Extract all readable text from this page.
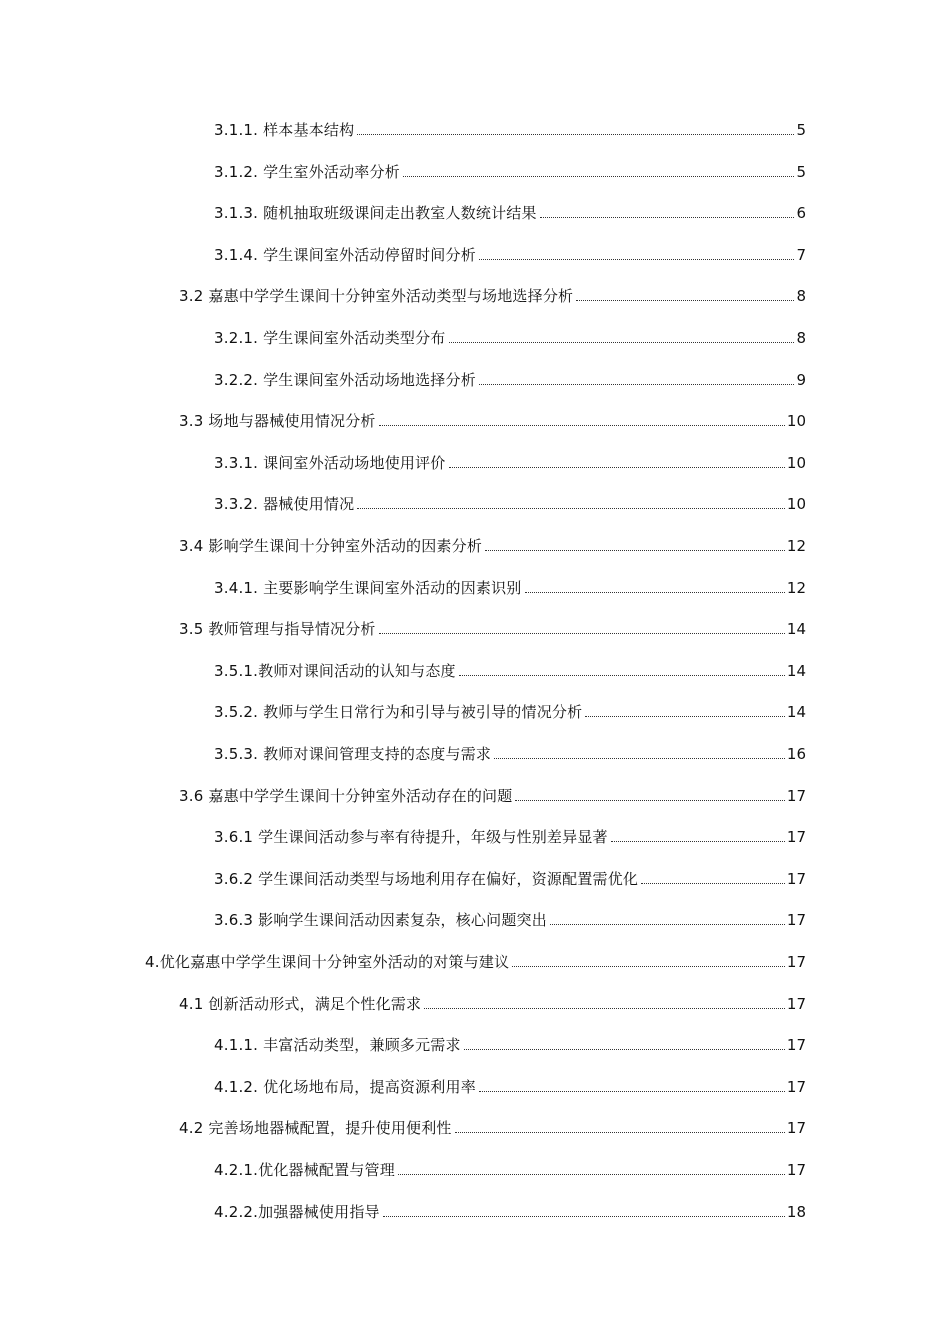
3.1.1. 样本基本结构	5
3.1.2. 学生室外活动率分析	5
3.1.3. 随机抽取班级课间走出教室人数统计结果	6
3.1.4. 学生课间室外活动停留时间分析	7
3.2 嘉惠中学学生课间十分钟室外活动类型与场地选择分析	8
3.2.1. 学生课间室外活动类型分布	8
3.2.2. 学生课间室外活动场地选择分析	9
3.3 场地与器械使用情况分析	10
3.3.1. 课间室外活动场地使用评价	10
3.3.2. 器械使用情况	10
3.4 影响学生课间十分钟室外活动的因素分析	12
3.4.1. 主要影响学生课间室外活动的因素识别	12
3.5 教师管理与指导情况分析	14
3.5.1.教师对课间活动的认知与态度	14
3.5.2. 教师与学生日常行为和引导与被引导的情况分析	14
3.5.3. 教师对课间管理支持的态度与需求	16
3.6 嘉惠中学学生课间十分钟室外活动存在的问题	17
3.6.1 学生课间活动参与率有待提升，年级与性别差异显著	17
3.6.2 学生课间活动类型与场地利用存在偏好，资源配置需优化	17
3.6.3 影响学生课间活动因素复杂，核心问题突出	17
4.优化嘉惠中学学生课间十分钟室外活动的对策与建议	17
4.1 创新活动形式，满足个性化需求	17
4.1.1. 丰富活动类型，兼顾多元需求	17
4.1.2. 优化场地布局，提高资源利用率	17
4.2 完善场地器械配置，提升使用便利性	17
4.2.1.优化器械配置与管理	17
4.2.2.加强器械使用指导	18
